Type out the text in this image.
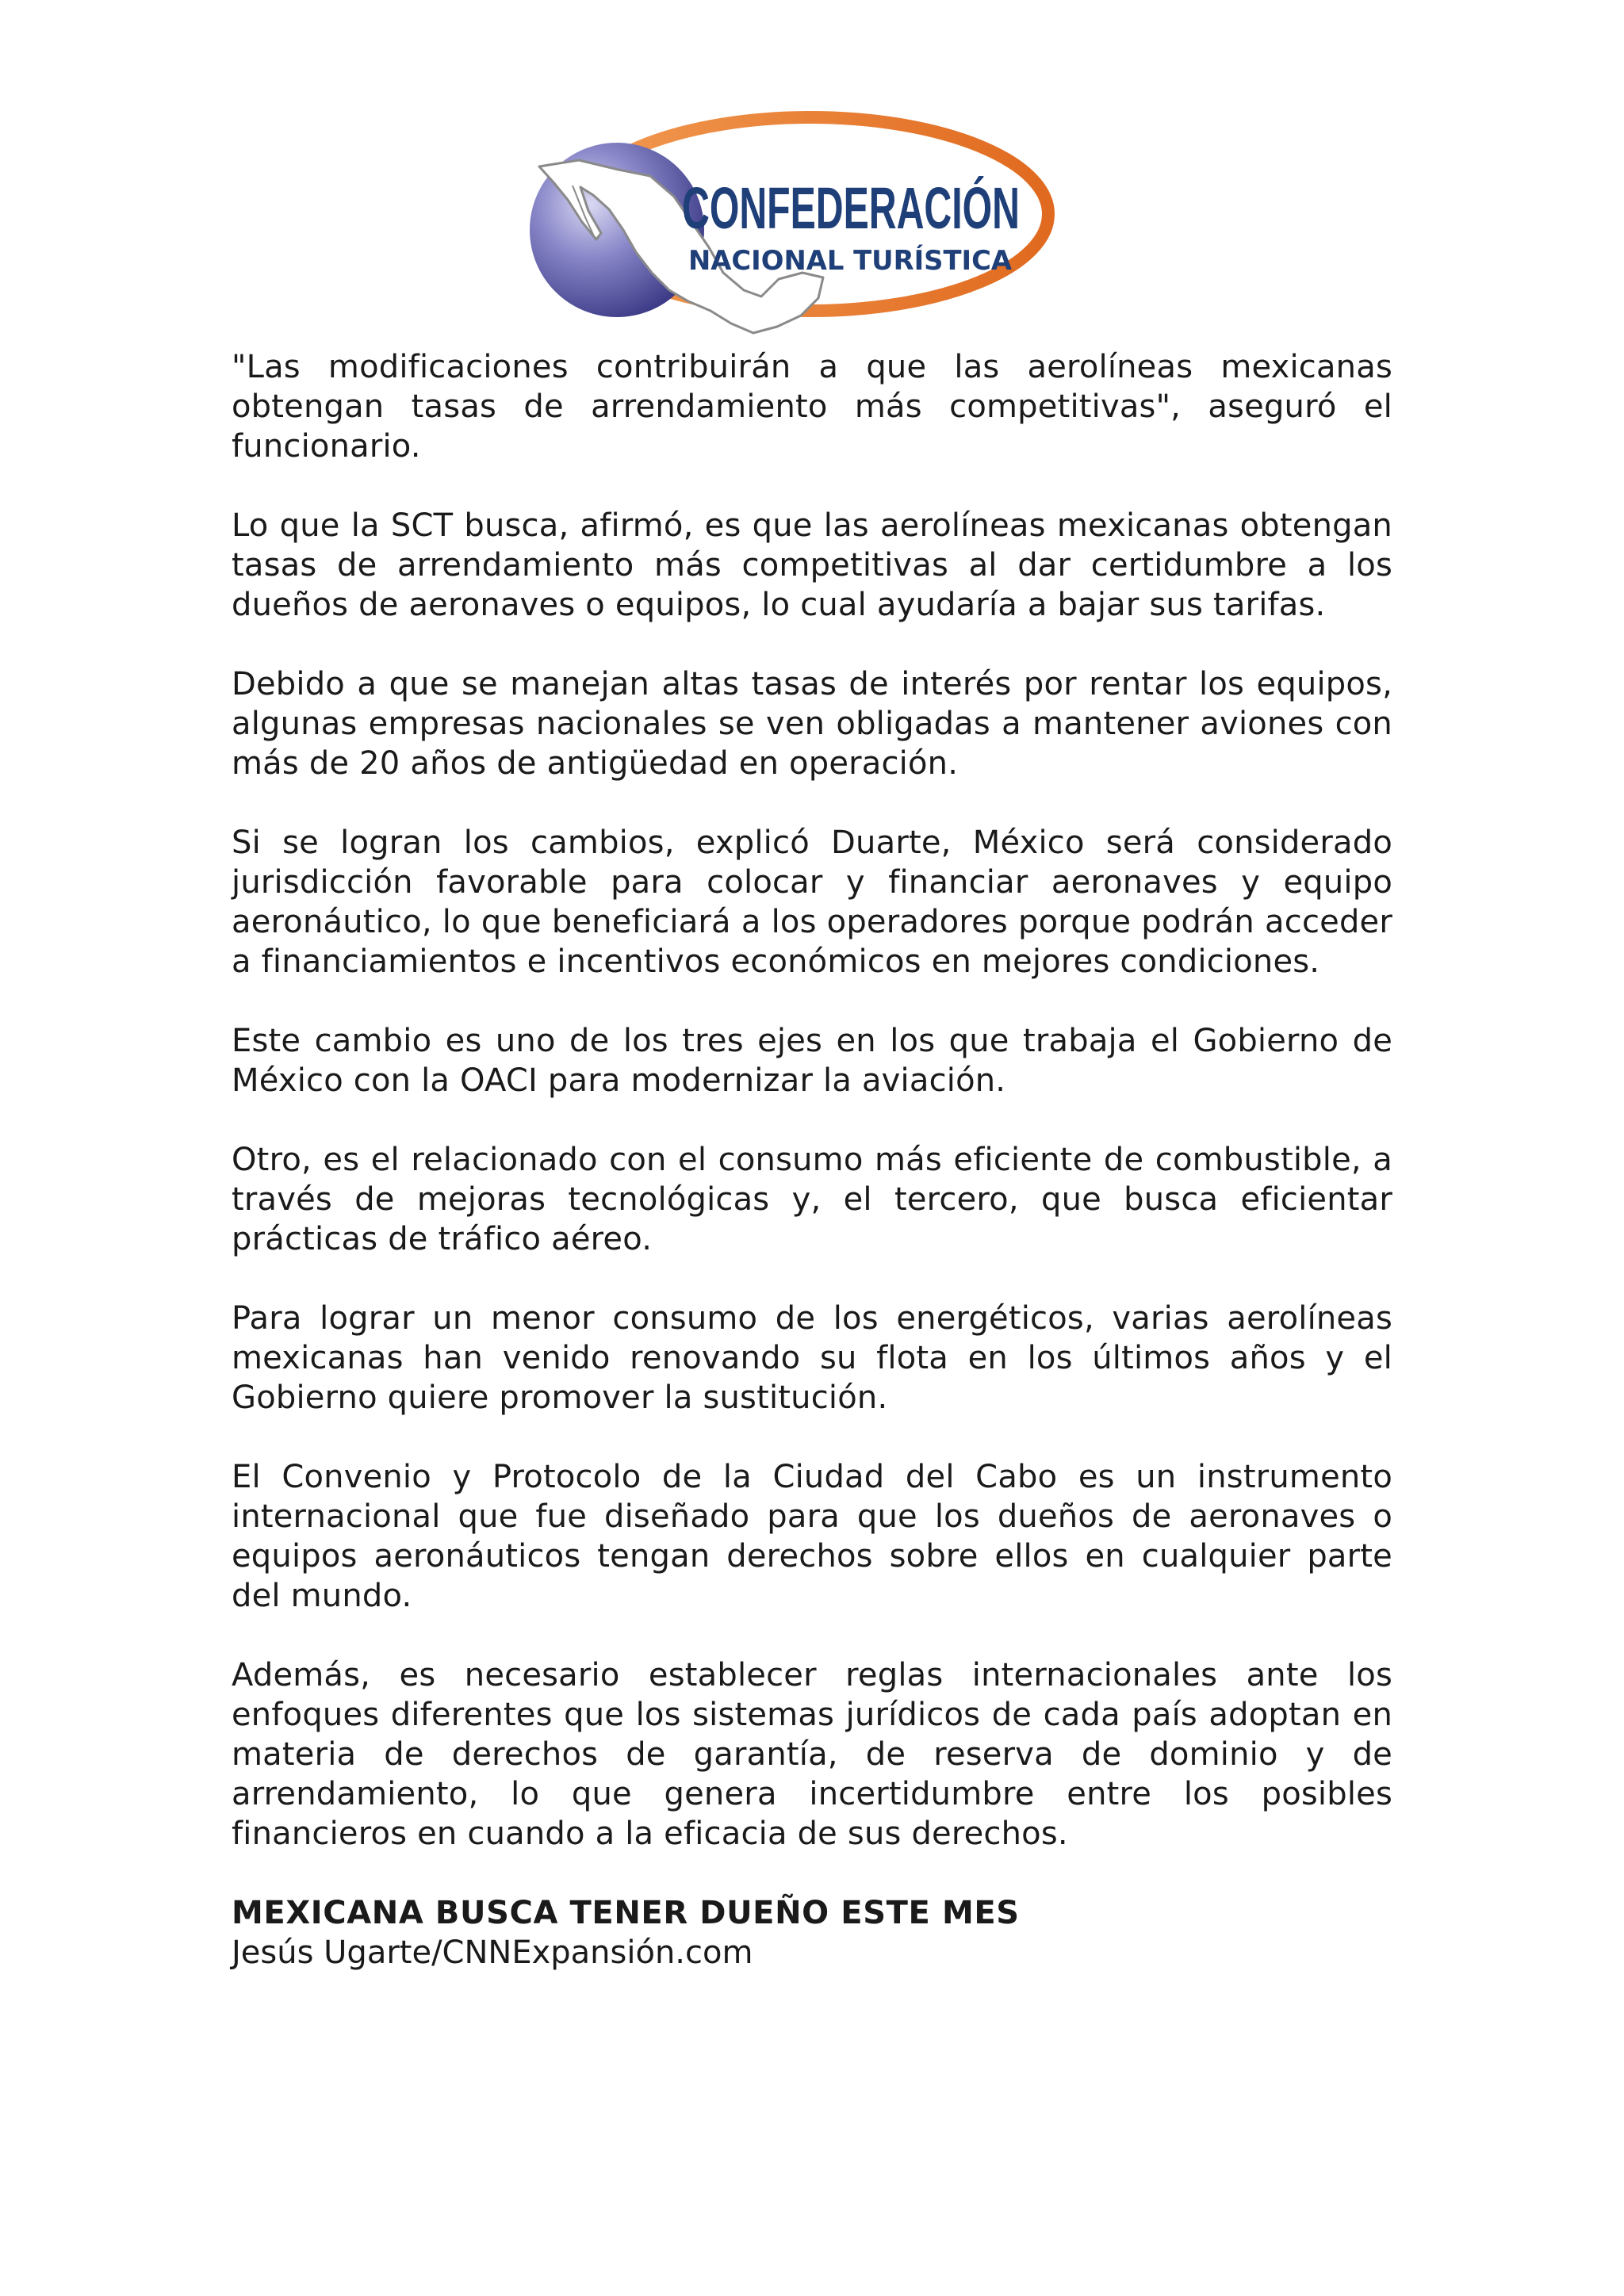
CONFEDERACIÓN
NACIONAL TURÍSTICA

"Las modificaciones contribuirán a que las aerolíneas mexicanas obtengan tasas de arrendamiento más competitivas", aseguró el funcionario.

Lo que la SCT busca, afirmó, es que las aerolíneas mexicanas obtengan tasas de arrendamiento más competitivas al dar certidumbre a los dueños de aeronaves o equipos, lo cual ayudaría a bajar sus tarifas.

Debido a que se manejan altas tasas de interés por rentar los equipos, algunas empresas nacionales se ven obligadas a mantener aviones con más de 20 años de antigüedad en operación.

Si se logran los cambios, explicó Duarte, México será considerado jurisdicción favorable para colocar y financiar aeronaves y equipo aeronáutico, lo que beneficiará a los operadores porque podrán acceder a financiamientos e incentivos económicos en mejores condiciones.

Este cambio es uno de los tres ejes en los que trabaja el Gobierno de México con la OACI para modernizar la aviación.

Otro, es el relacionado con el consumo más eficiente de combustible, a través de mejoras tecnológicas y, el tercero, que busca eficientar prácticas de tráfico aéreo.

Para lograr un menor consumo de los energéticos, varias aerolíneas mexicanas han venido renovando su flota en los últimos años y el Gobierno quiere promover la sustitución.

El Convenio y Protocolo de la Ciudad del Cabo es un instrumento internacional que fue diseñado para que los dueños de aeronaves o equipos aeronáuticos tengan derechos sobre ellos en cualquier parte del mundo.

Además, es necesario establecer reglas internacionales ante los enfoques diferentes que los sistemas jurídicos de cada país adoptan en materia de derechos de garantía, de reserva de dominio y de arrendamiento, lo que genera incertidumbre entre los posibles financieros en cuando a la eficacia de sus derechos.

MEXICANA BUSCA TENER DUEÑO ESTE MES

Jesús Ugarte/CNNExpansión.com
